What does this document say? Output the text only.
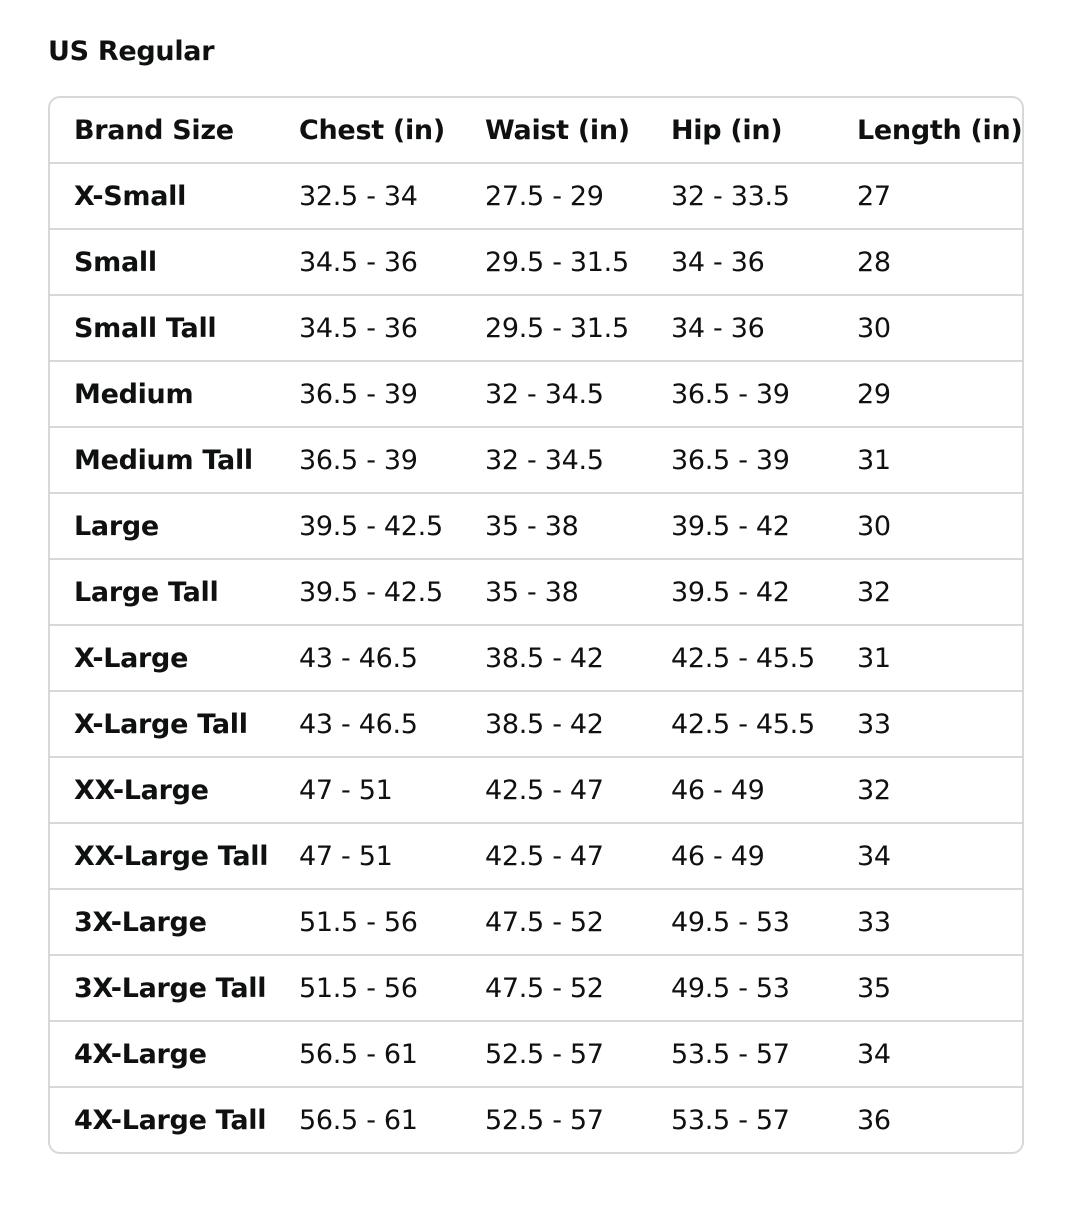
US Regular
Brand Size	Chest (in)	Waist (in)	Hip (in)	Length (in)
X-Small	32.5 - 34	27.5 - 29	32 - 33.5	27
Small	34.5 - 36	29.5 - 31.5	34 - 36	28
Small Tall	34.5 - 36	29.5 - 31.5	34 - 36	30
Medium	36.5 - 39	32 - 34.5	36.5 - 39	29
Medium Tall	36.5 - 39	32 - 34.5	36.5 - 39	31
Large	39.5 - 42.5	35 - 38	39.5 - 42	30
Large Tall	39.5 - 42.5	35 - 38	39.5 - 42	32
X-Large	43 - 46.5	38.5 - 42	42.5 - 45.5	31
X-Large Tall	43 - 46.5	38.5 - 42	42.5 - 45.5	33
XX-Large	47 - 51	42.5 - 47	46 - 49	32
XX-Large Tall	47 - 51	42.5 - 47	46 - 49	34
3X-Large	51.5 - 56	47.5 - 52	49.5 - 53	33
3X-Large Tall	51.5 - 56	47.5 - 52	49.5 - 53	35
4X-Large	56.5 - 61	52.5 - 57	53.5 - 57	34
4X-Large Tall	56.5 - 61	52.5 - 57	53.5 - 57	36
